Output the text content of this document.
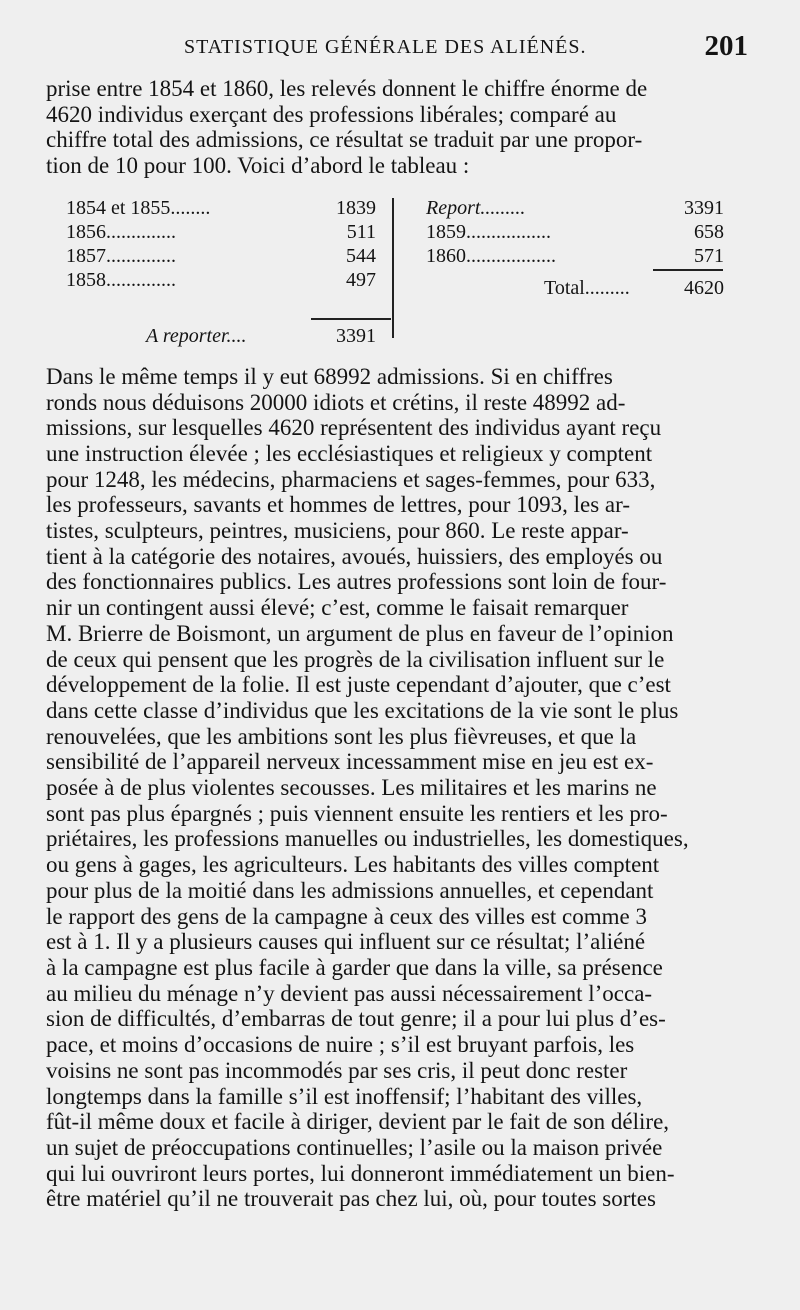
STATISTIQUE GÉNÉRALE DES ALIÉNÉS.	201

prise entre 1854 et 1860, les relevés donnent le chiffre énorme de
4620 individus exerçant des professions libérales; comparé au
chiffre total des admissions, ce résultat se traduit par une propor-
tion de 10 pour 100. Voici d’abord le tableau :

1854 et 1855........	1839
1856..............	511
1857..............	544
1858..............	497
A reporter....	3391
Report.........	3391
1859.................	658
1860..................	571
Total.........	4620

Dans le même temps il y eut 68992 admissions. Si en chiffres
ronds nous déduisons 20000 idiots et crétins, il reste 48992 ad-
missions, sur lesquelles 4620 représentent des individus ayant reçu
une instruction élevée ; les ecclésiastiques et religieux y comptent
pour 1248, les médecins, pharmaciens et sages-femmes, pour 633,
les professeurs, savants et hommes de lettres, pour 1093, les ar-
tistes, sculpteurs, peintres, musiciens, pour 860. Le reste appar-
tient à la catégorie des notaires, avoués, huissiers, des employés ou
des fonctionnaires publics. Les autres professions sont loin de four-
nir un contingent aussi élevé; c’est, comme le faisait remarquer
M. Brierre de Boismont, un argument de plus en faveur de l’opinion
de ceux qui pensent que les progrès de la civilisation influent sur le
développement de la folie. Il est juste cependant d’ajouter, que c’est
dans cette classe d’individus que les excitations de la vie sont le plus
renouvelées, que les ambitions sont les plus fièvreuses, et que la
sensibilité de l’appareil nerveux incessamment mise en jeu est ex-
posée à de plus violentes secousses. Les militaires et les marins ne
sont pas plus épargnés ; puis viennent ensuite les rentiers et les pro-
priétaires, les professions manuelles ou industrielles, les domestiques,
ou gens à gages, les agriculteurs. Les habitants des villes comptent
pour plus de la moitié dans les admissions annuelles, et cependant
le rapport des gens de la campagne à ceux des villes est comme 3
est à 1. Il y a plusieurs causes qui influent sur ce résultat; l’aliéné
à la campagne est plus facile à garder que dans la ville, sa présence
au milieu du ménage n’y devient pas aussi nécessairement l’occa-
sion de difficultés, d’embarras de tout genre; il a pour lui plus d’es-
pace, et moins d’occasions de nuire ; s’il est bruyant parfois, les
voisins ne sont pas incommodés par ses cris, il peut donc rester
longtemps dans la famille s’il est inoffensif; l’habitant des villes,
fût-il même doux et facile à diriger, devient par le fait de son délire,
un sujet de préoccupations continuelles; l’asile ou la maison privée
qui lui ouvriront leurs portes, lui donneront immédiatement un bien-
être matériel qu’il ne trouverait pas chez lui, où, pour toutes sortes
